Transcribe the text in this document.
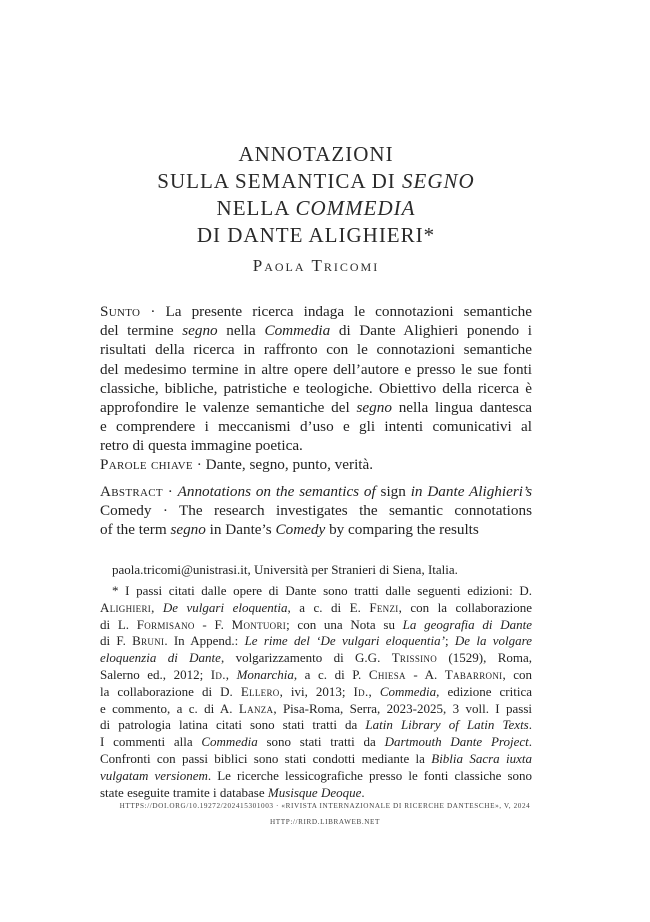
ANNOTAZIONI
SULLA SEMANTICA DI SEGNO
NELLA COMMEDIA
DI DANTE ALIGHIERI*
Paola Tricomi
Sunto · La presente ricerca indaga le connotazioni semantiche
del termine segno nella Commedia di Dante Alighieri ponendo i
risultati della ricerca in raffronto con le connotazioni semantiche
del medesimo termine in altre opere dell’autore e presso le sue fonti
classiche, bibliche, patristiche e teologiche. Obiettivo della ricerca è
approfondire le valenze semantiche del segno nella lingua dantesca
e comprendere i meccanismi d’uso e gli intenti comunicativi al
retro di questa immagine poetica.
Parole chiave · Dante, segno, punto, verità.
Abstract · Annotations on the semantics of sign in Dante Alighieri’s
Comedy · The research investigates the semantic connotations
of the term segno in Dante’s Comedy by comparing the results
paola.tricomi@unistrasi.it, Università per Stranieri di Siena, Italia.
* I passi citati dalle opere di Dante sono tratti dalle seguenti edizioni: D.
Alighieri, De vulgari eloquentia, a c. di E. Fenzi, con la collaborazione
di L. Formisano - F. Montuori; con una Nota su La geografia di Dante
di F. Bruni. In Append.: Le rime del ‘De vulgari eloquentia’; De la volgare
eloquenzia di Dante, volgarizzamento di G.G. Trissino (1529), Roma,
Salerno ed., 2012; Id., Monarchia, a c. di P. Chiesa - A. Tabarroni, con
la collaborazione di D. Ellero, ivi, 2013; Id., Commedia, edizione critica
e commento, a c. di A. Lanza, Pisa-Roma, Serra, 2023-2025, 3 voll. I passi
di patrologia latina citati sono stati tratti da Latin Library of Latin Texts.
I commenti alla Commedia sono stati tratti da Dartmouth Dante Project.
Confronti con passi biblici sono stati condotti mediante la Biblia Sacra iuxta
vulgatam versionem. Le ricerche lessicografiche presso le fonti classiche sono
state eseguite tramite i database Musisque Deoque.
HTTPS://DOI.ORG/10.19272/202415301003 · «RIVISTA INTERNAZIONALE DI RICERCHE DANTESCHE», V, 2024
HTTP://RIRD.LIBRAWEB.NET
